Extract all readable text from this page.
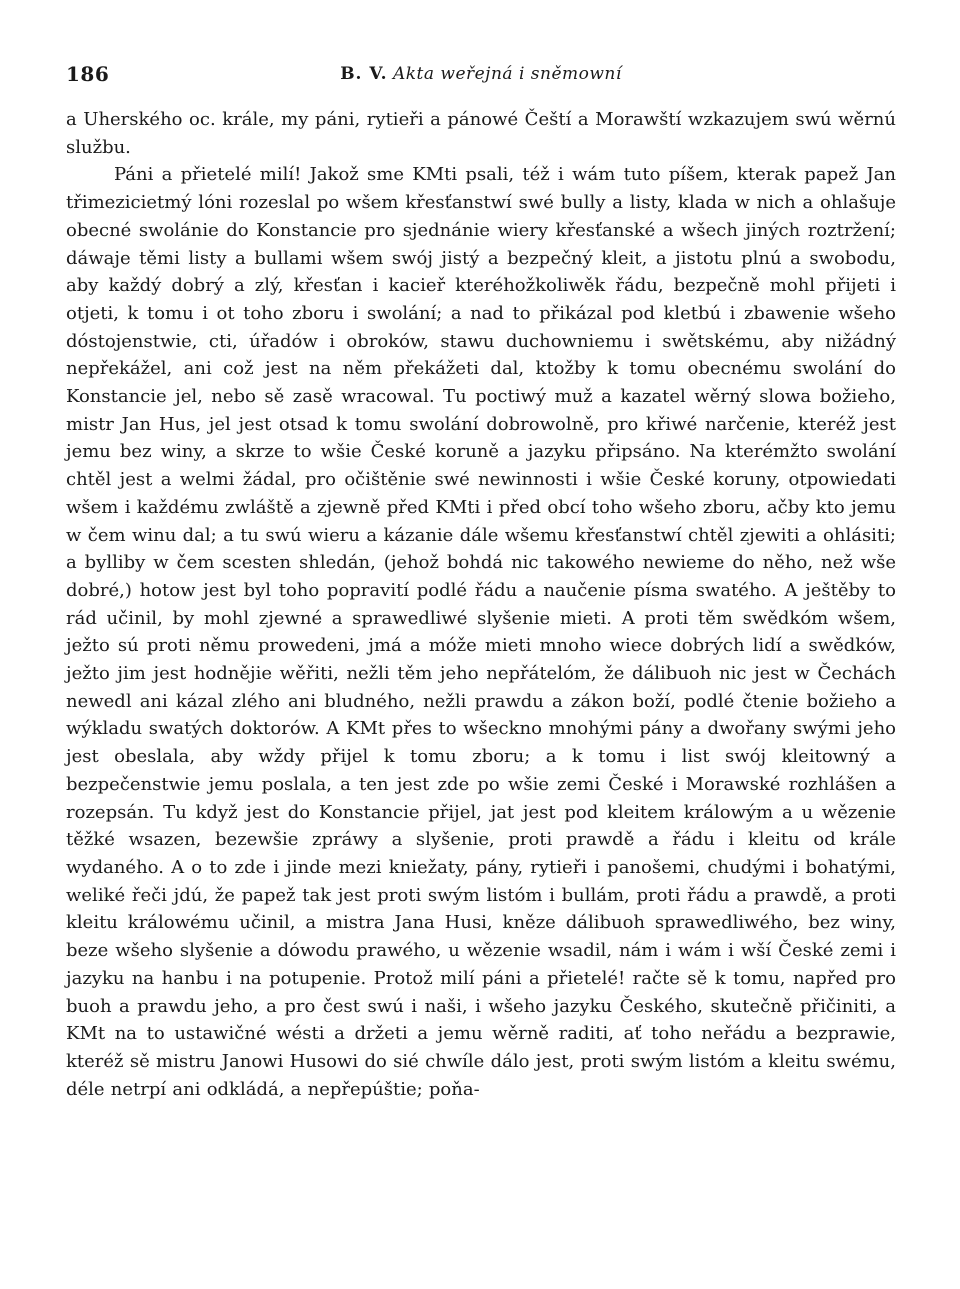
186	B. V. Akta weřejná i sněmowní

a Uherského oc. krále, my páni, rytieři a pánowé Čeští a Morawští wzkazujem swú wěrnú službu.

Páni a přietelé milí! Jakož sme KMti psali, též i wám tuto píšem, kterak papež Jan třimezicietmý lóni rozeslal po wšem křesťanstwí swé bully a listy, klada w nich a ohlašuje obecné swolánie do Konstancie pro sjednánie wiery křesťanské a wšech jiných roztržení; dáwaje těmi listy a bullami wšem swój jistý a bezpečný kleit, a jistotu plnú a swobodu, aby každý dobrý a zlý, křesťan i kacieř kteréhožkoliwěk řádu, bezpečně mohl přijeti i otjeti, k tomu i ot toho zboru i swolání; a nad to přikázal pod kletbú i zbawenie wšeho dóstojenstwie, cti, úřadów i obroków, stawu duchowniemu i swětskému, aby nižádný nepřekážel, ani což jest na něm překážeti dal, ktožby k tomu obecnému swolání do Konstancie jel, nebo sě zasě wracowal. Tu poctiwý muž a kazatel wěrný slowa božieho, mistr Jan Hus, jel jest otsad k tomu swolání dobrowolně, pro křiwé narčenie, kteréž jest jemu bez winy, a skrze to wšie České koruně a jazyku připsáno. Na kterémžto swolání chtěl jest a welmi žádal, pro očištěnie swé newinnosti i wšie České koruny, otpowiedati wšem i každému zwláště a zjewně před KMti i před obcí toho wšeho zboru, ačby kto jemu w čem winu dal; a tu swú wieru a kázanie dále wšemu křesťanstwí chtěl zjewiti a ohlásiti; a bylliby w čem scesten shledán, (jehož bohdá nic takowého newieme do něho, než wše dobré,) hotow jest byl toho popravití podlé řádu a naučenie písma swatého. A ještěby to rád učinil, by mohl zjewné a sprawedliwé slyšenie mieti. A proti těm swědkóm wšem, ježto sú proti němu prowedeni, jmá a móže mieti mnoho wiece dobrých lidí a swědków, ježto jim jest hodnějie wěřiti, nežli těm jeho nepřátelóm, že dálibuoh nic jest w Čechách newedl ani kázal zlého ani bludného, nežli prawdu a zákon boží, podlé čtenie božieho a wýkladu swatých doktorów. A KMt přes to wšeckno mnohými pány a dwořany swými jeho jest obeslala, aby wždy přijel k tomu zboru; a k tomu i list swój kleitowný a bezpečenstwie jemu poslala, a ten jest zde po wšie zemi České i Morawské rozhlášen a rozepsán. Tu když jest do Konstancie přijel, jat jest pod kleitem králowým a u wězenie těžké wsazen, bezewšie zpráwy a slyšenie, proti prawdě a řádu i kleitu od krále wydaného. A o to zde i jinde mezi kniežaty, pány, rytieři i panošemi, chudými i bohatými, weliké řeči jdú, že papež tak jest proti swým listóm i bullám, proti řádu a prawdě, a proti kleitu králowému učinil, a mistra Jana Husi, kněze dálibuoh sprawedliwého, bez winy, beze wšeho slyšenie a dówodu prawého, u wězenie wsadil, nám i wám i wší České zemi i jazyku na hanbu i na potupenie. Protož milí páni a přietelé! račte sě k tomu, napřed pro buoh a prawdu jeho, a pro čest swú i naši, i wšeho jazyku Českého, skutečně přičiniti, a KMt na to ustawičné wésti a držeti a jemu wěrně raditi, ať toho neřádu a bezprawie, kteréž sě mistru Janowi Husowi do sié chwíle dálo jest, proti swým listóm a kleitu swému, déle netrpí ani odkládá, a nepřepúštie; poňa-
